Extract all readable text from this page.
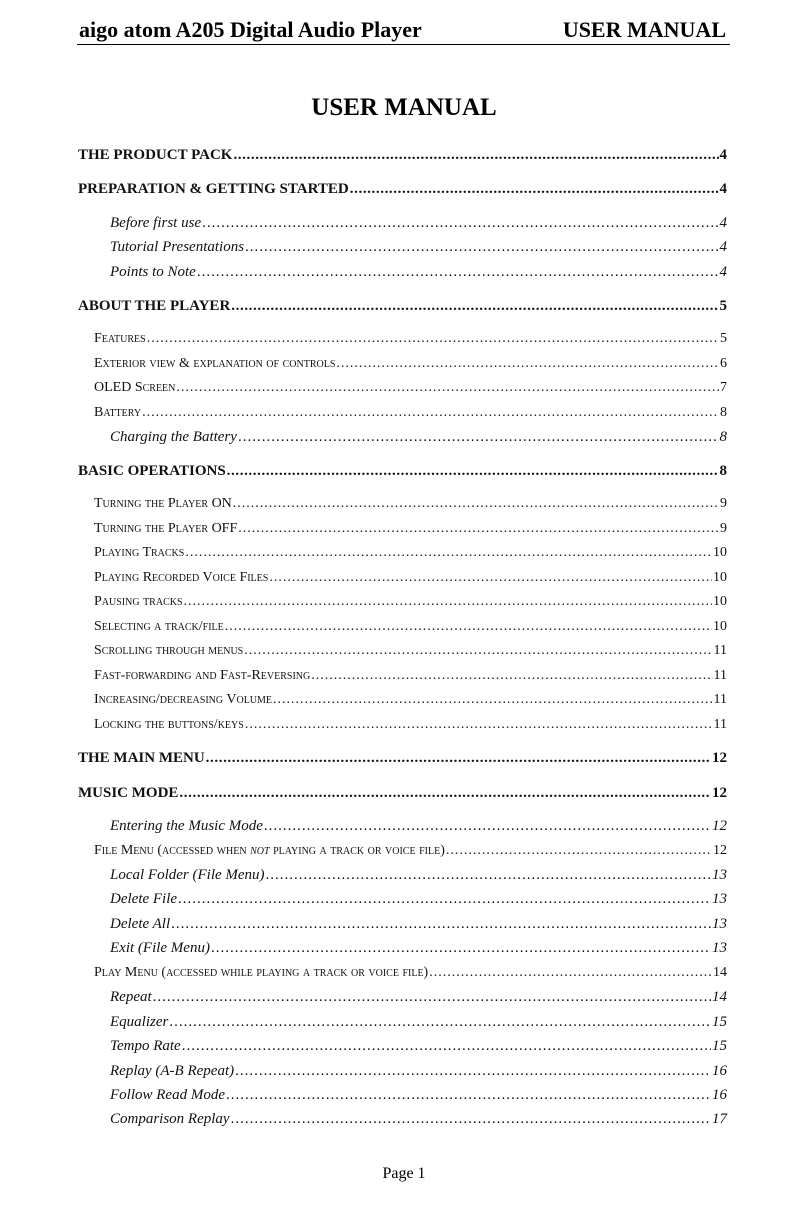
aigo atom A205 Digital Audio Player	USER MANUAL
USER MANUAL
THE PRODUCT PACK .....	4
PREPARATION & GETTING STARTED .....	4
Before first use .....	4
Tutorial Presentations .....	4
Points to Note .....	4
ABOUT THE PLAYER .....	5
Features .....	5
Exterior view & explanation of controls .....	6
OLED Screen .....	7
Battery .....	8
Charging the Battery .....	8
BASIC OPERATIONS .....	8
Turning the Player ON .....	9
Turning the Player OFF .....	9
Playing Tracks .....	10
Playing Recorded Voice Files .....	10
Pausing tracks .....	10
Selecting a track/file .....	10
Scrolling through menus .....	11
Fast-forwarding and Fast-Reversing .....	11
Increasing/decreasing Volume .....	11
Locking the buttons/keys .....	11
THE MAIN MENU .....	12
MUSIC MODE .....	12
Entering the Music Mode .....	12
File Menu (accessed when not playing a track or voice file) .....	12
Local Folder (File Menu) .....	13
Delete File .....	13
Delete All .....	13
Exit (File Menu) .....	13
Play Menu (accessed while playing a track or voice file) .....	14
Repeat .....	14
Equalizer .....	15
Tempo Rate .....	15
Replay (A-B Repeat) .....	16
Follow Read Mode .....	16
Comparison Replay .....	17
Page 1
